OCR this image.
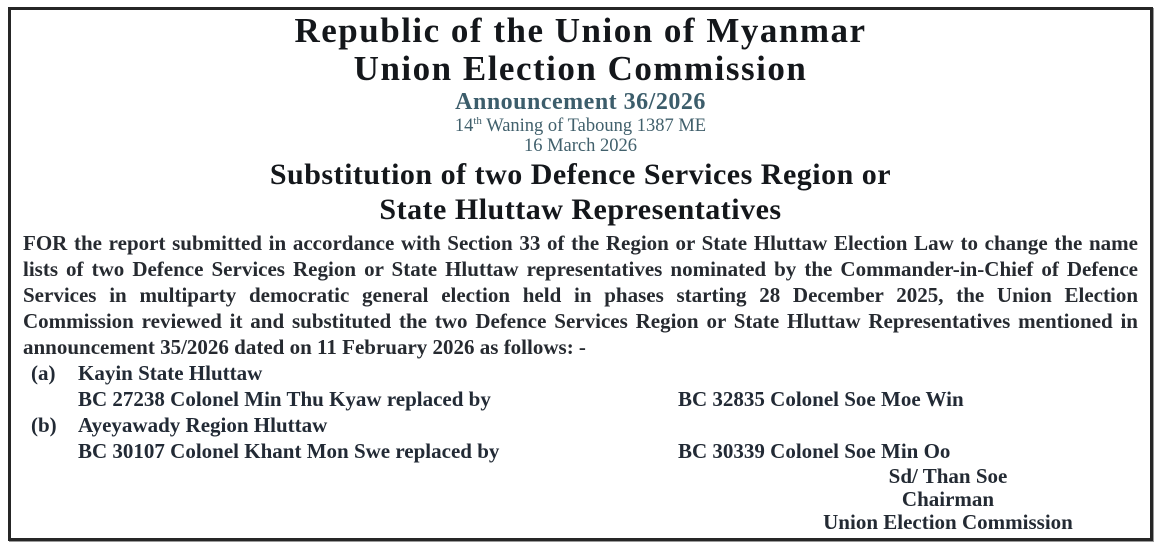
Republic of the Union of Myanmar
Union Election Commission
Announcement 36/2026
14th Waning of Taboung 1387 ME
16 March 2026
Substitution of two Defence Services Region or
State Hluttaw Representatives
FOR the report submitted in accordance with Section 33 of the Region or State Hluttaw Election Law to change the name lists of two Defence Services Region or State Hluttaw representatives nominated by the Commander-in-Chief of Defence Services in multiparty democratic general election held in phases starting 28 December 2025, the Union Election Commission reviewed it and substituted the two Defence Services Region or State Hluttaw Representatives mentioned in announcement 35/2026 dated on 11 February 2026 as follows: -
(a) Kayin State Hluttaw
BC 27238 Colonel Min Thu Kyaw replaced by	BC 32835 Colonel Soe Moe Win
(b) Ayeyawady Region Hluttaw
BC 30107 Colonel Khant Mon Swe replaced by	BC 30339 Colonel Soe Min Oo
Sd/ Than Soe
Chairman
Union Election Commission
